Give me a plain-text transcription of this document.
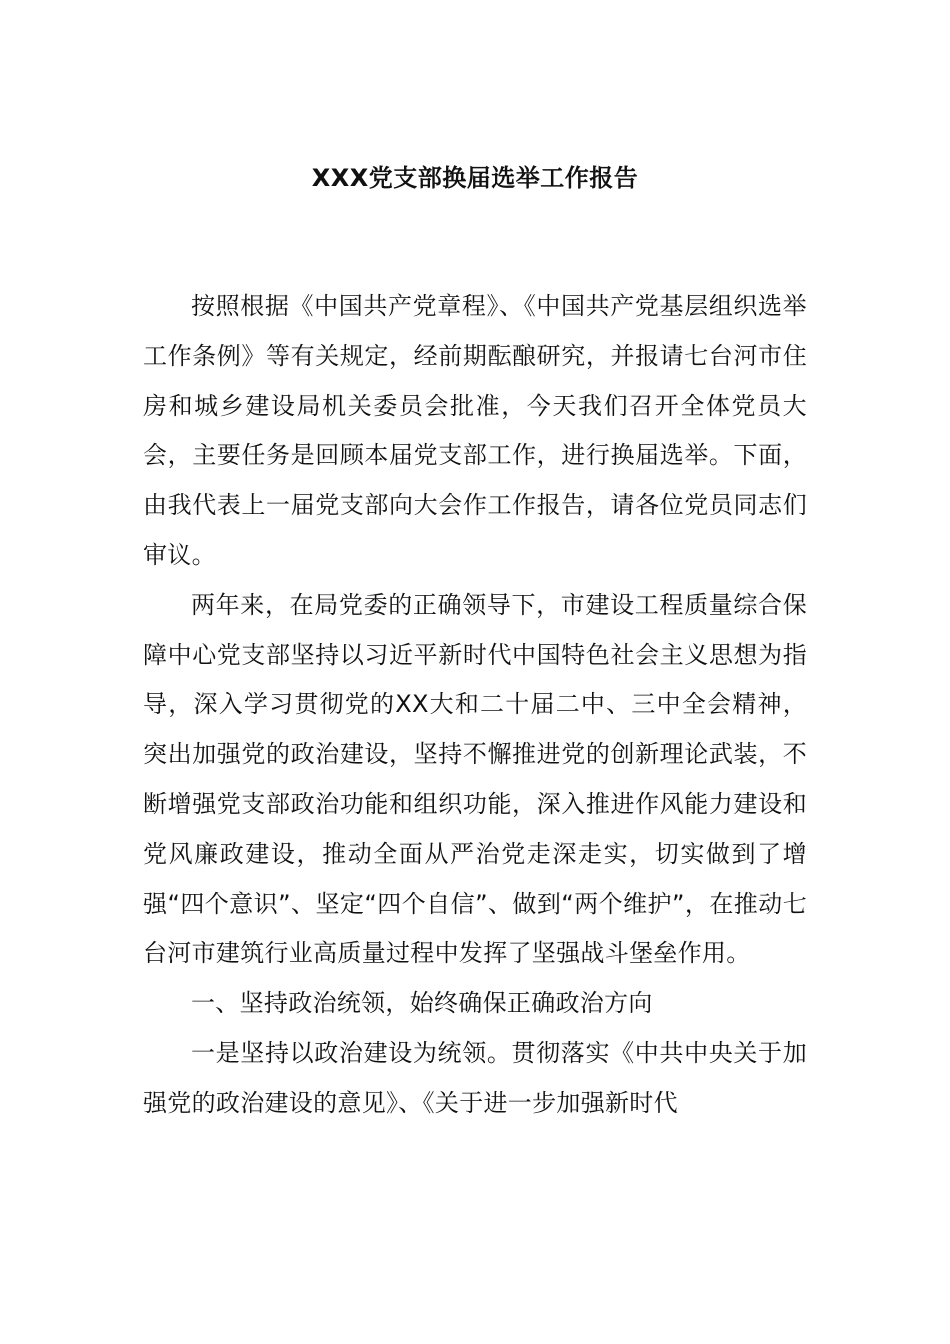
XXX党支部换届选举工作报告

按照根据《中国共产党章程》、《中国共产党基层组织选举工作条例》等有关规定，经前期酝酿研究，并报请七台河市住房和城乡建设局机关委员会批准，今天我们召开全体党员大会，主要任务是回顾本届党支部工作，进行换届选举。下面，由我代表上一届党支部向大会作工作报告，请各位党员同志们审议。

两年来，在局党委的正确领导下，市建设工程质量综合保障中心党支部坚持以习近平新时代中国特色社会主义思想为指导，深入学习贯彻党的XX大和二十届二中、三中全会精神，突出加强党的政治建设，坚持不懈推进党的创新理论武装，不断增强党支部政治功能和组织功能，深入推进作风能力建设和党风廉政建设，推动全面从严治党走深走实，切实做到了增强“四个意识”、坚定“四个自信”、做到“两个维护”，在推动七台河市建筑行业高质量过程中发挥了坚强战斗堡垒作用。

一、坚持政治统领，始终确保正确政治方向

一是坚持以政治建设为统领。贯彻落实《中共中央关于加强党的政治建设的意见》、《关于进一步加强新时代
